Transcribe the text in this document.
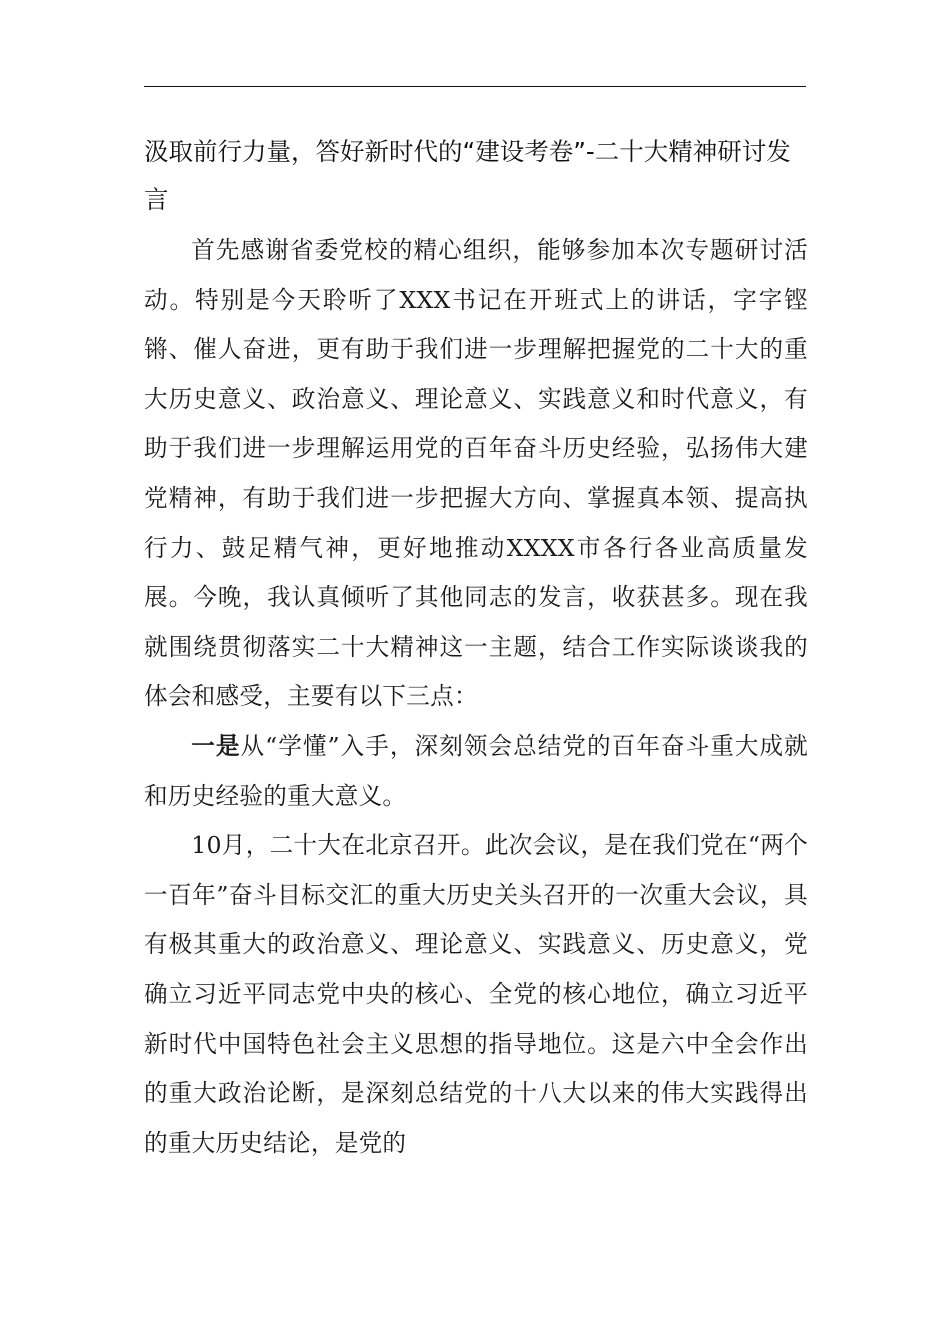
汲取前行力量，答好新时代的“建设考卷”-二十大精神研讨发言

首先感谢省委党校的精心组织，能够参加本次专题研讨活动。特别是今天聆听了XXX书记在开班式上的讲话，字字铿锵、催人奋进，更有助于我们进一步理解把握党的二十大的重大历史意义、政治意义、理论意义、实践意义和时代意义，有助于我们进一步理解运用党的百年奋斗历史经验，弘扬伟大建党精神，有助于我们进一步把握大方向、掌握真本领、提高执行力、鼓足精气神，更好地推动XXXX市各行各业高质量发展。今晚，我认真倾听了其他同志的发言，收获甚多。现在我就围绕贯彻落实二十大精神这一主题，结合工作实际谈谈我的体会和感受，主要有以下三点：

一是从“学懂”入手，深刻领会总结党的百年奋斗重大成就和历史经验的重大意义。

10月，二十大在北京召开。此次会议，是在我们党在“两个一百年”奋斗目标交汇的重大历史关头召开的一次重大会议，具有极其重大的政治意义、理论意义、实践意义、历史意义，党确立习近平同志党中央的核心、全党的核心地位，确立习近平新时代中国特色社会主义思想的指导地位。这是六中全会作出的重大政治论断，是深刻总结党的十八大以来的伟大实践得出的重大历史结论，是党的
